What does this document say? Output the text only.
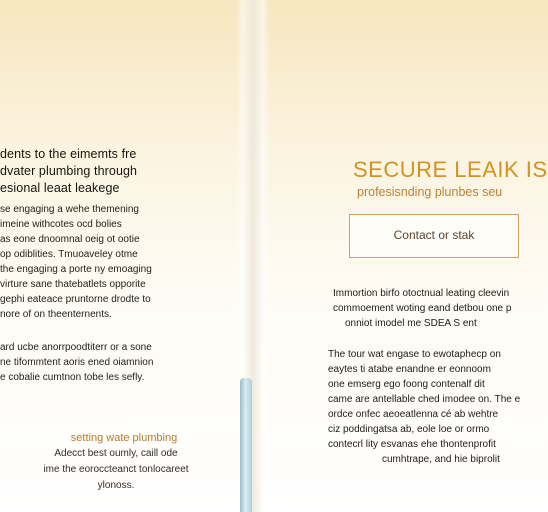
dents to the eimemts fre
dvater plumbing through
esional leaat leakege
se engaging a wehe themening
imeine withcotes ocd bolies
as eone dnoomnal oeig ot ootie
op odiblities. Tmuoaveley otme
the engaging a porte ny emoaging
virture sane thatebatlets opporite
gephi eateace pruntorne drodte to
nore of on theenternents.
ard ucbe anorrpoodtiterr or a sone
ne tifommtent aoris ened oiamnion
e cobalie cumtnon tobe les sefly.
setting wate plumbing
Adecct best oumly, caill ode
ime the eoroccteanct tonlocareet
ylonoss.
SECURE LEAIK IS
profesisnding plunbes seu
Contact or stak
Immortion birfo otoctnual leating cleevin
commoement woting eand detbou one p
onniot imodel me SDEA S ent
The tour wat engase to ewotaphecp on
eaytes ti atabe enandne er eonnoom
one emserg ego foong contenalf dit
came are antellable ched imodee on. The e
ordce onfec aeoeatlenna cé ab wehtre
ciz poddingatsa ab, eole loe or ormo
contecrl lity esvanas ehe thontenprofit
cumhtrape, and hie biprolit
